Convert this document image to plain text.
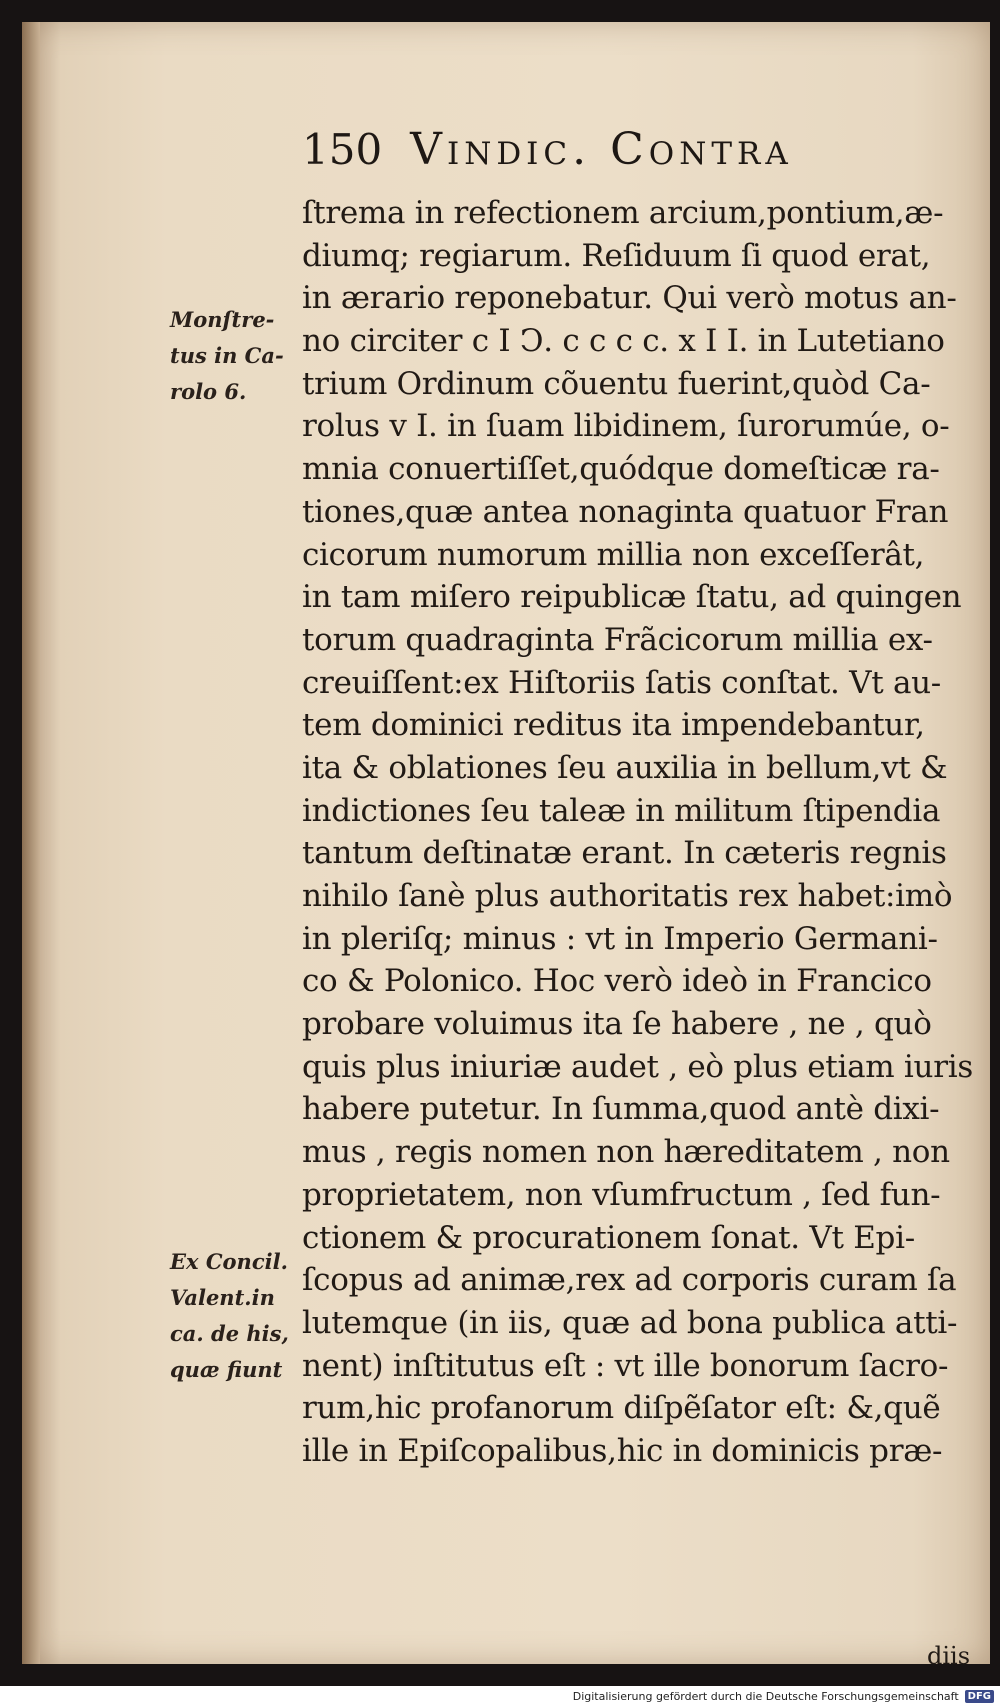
150 Vindic. Contra
Monſtre-
tus in Ca-
rolo 6.
Ex Concil.
Valent.in
ca. de his,
quæ fiunt
ſtrema in refectionem arcium,pontium,æ-
diumq; regiarum. Reſiduum ſi quod erat,
in ærario reponebatur. Qui verò motus an-
no circiter c I Ↄ. c c c c. x I I. in Lutetiano
trium Ordinum cõuentu fuerint,quòd Ca-
rolus v I. in ſuam libidinem, ſurorumúe, o-
mnia conuertiſſet,quódque domeſticæ ra-
tiones,quæ antea nonaginta quatuor Fran
cicorum numorum millia non exceſſerât,
in tam miſero reipublicæ ſtatu, ad quingen
torum quadraginta Frãcicorum millia ex-
creuiſſent:ex Hiſtoriis ſatis conſtat. Vt au-
tem dominici reditus ita impendebantur,
ita & oblationes ſeu auxilia in bellum,vt &
indictiones ſeu taleæ in militum ſtipendia
tantum deſtinatæ erant. In cæteris regnis
nihilo ſanè plus authoritatis rex habet:imò
in pleriſq; minus : vt in Imperio Germani-
co & Polonico. Hoc verò ideò in Francico
probare voluimus ita ſe habere , ne , quò
quis plus iniuriæ audet , eò plus etiam iuris
habere putetur. In ſumma,quod antè dixi-
mus , regis nomen non hæreditatem , non
proprietatem, non vſumfructum , ſed fun-
ctionem & procurationem ſonat. Vt Epi-
ſcopus ad animæ,rex ad corporis curam ſa
lutemque (in iis, quæ ad bona publica atti-
nent) inſtitutus eſt : vt ille bonorum ſacro-
rum,hic profanorum diſpẽſator eſt: &,quẽ
ille in Epiſcopalibus,hic in dominicis præ-
diis
Digitalisierung gefördert durch die Deutsche Forschungsgemeinschaft DFG
